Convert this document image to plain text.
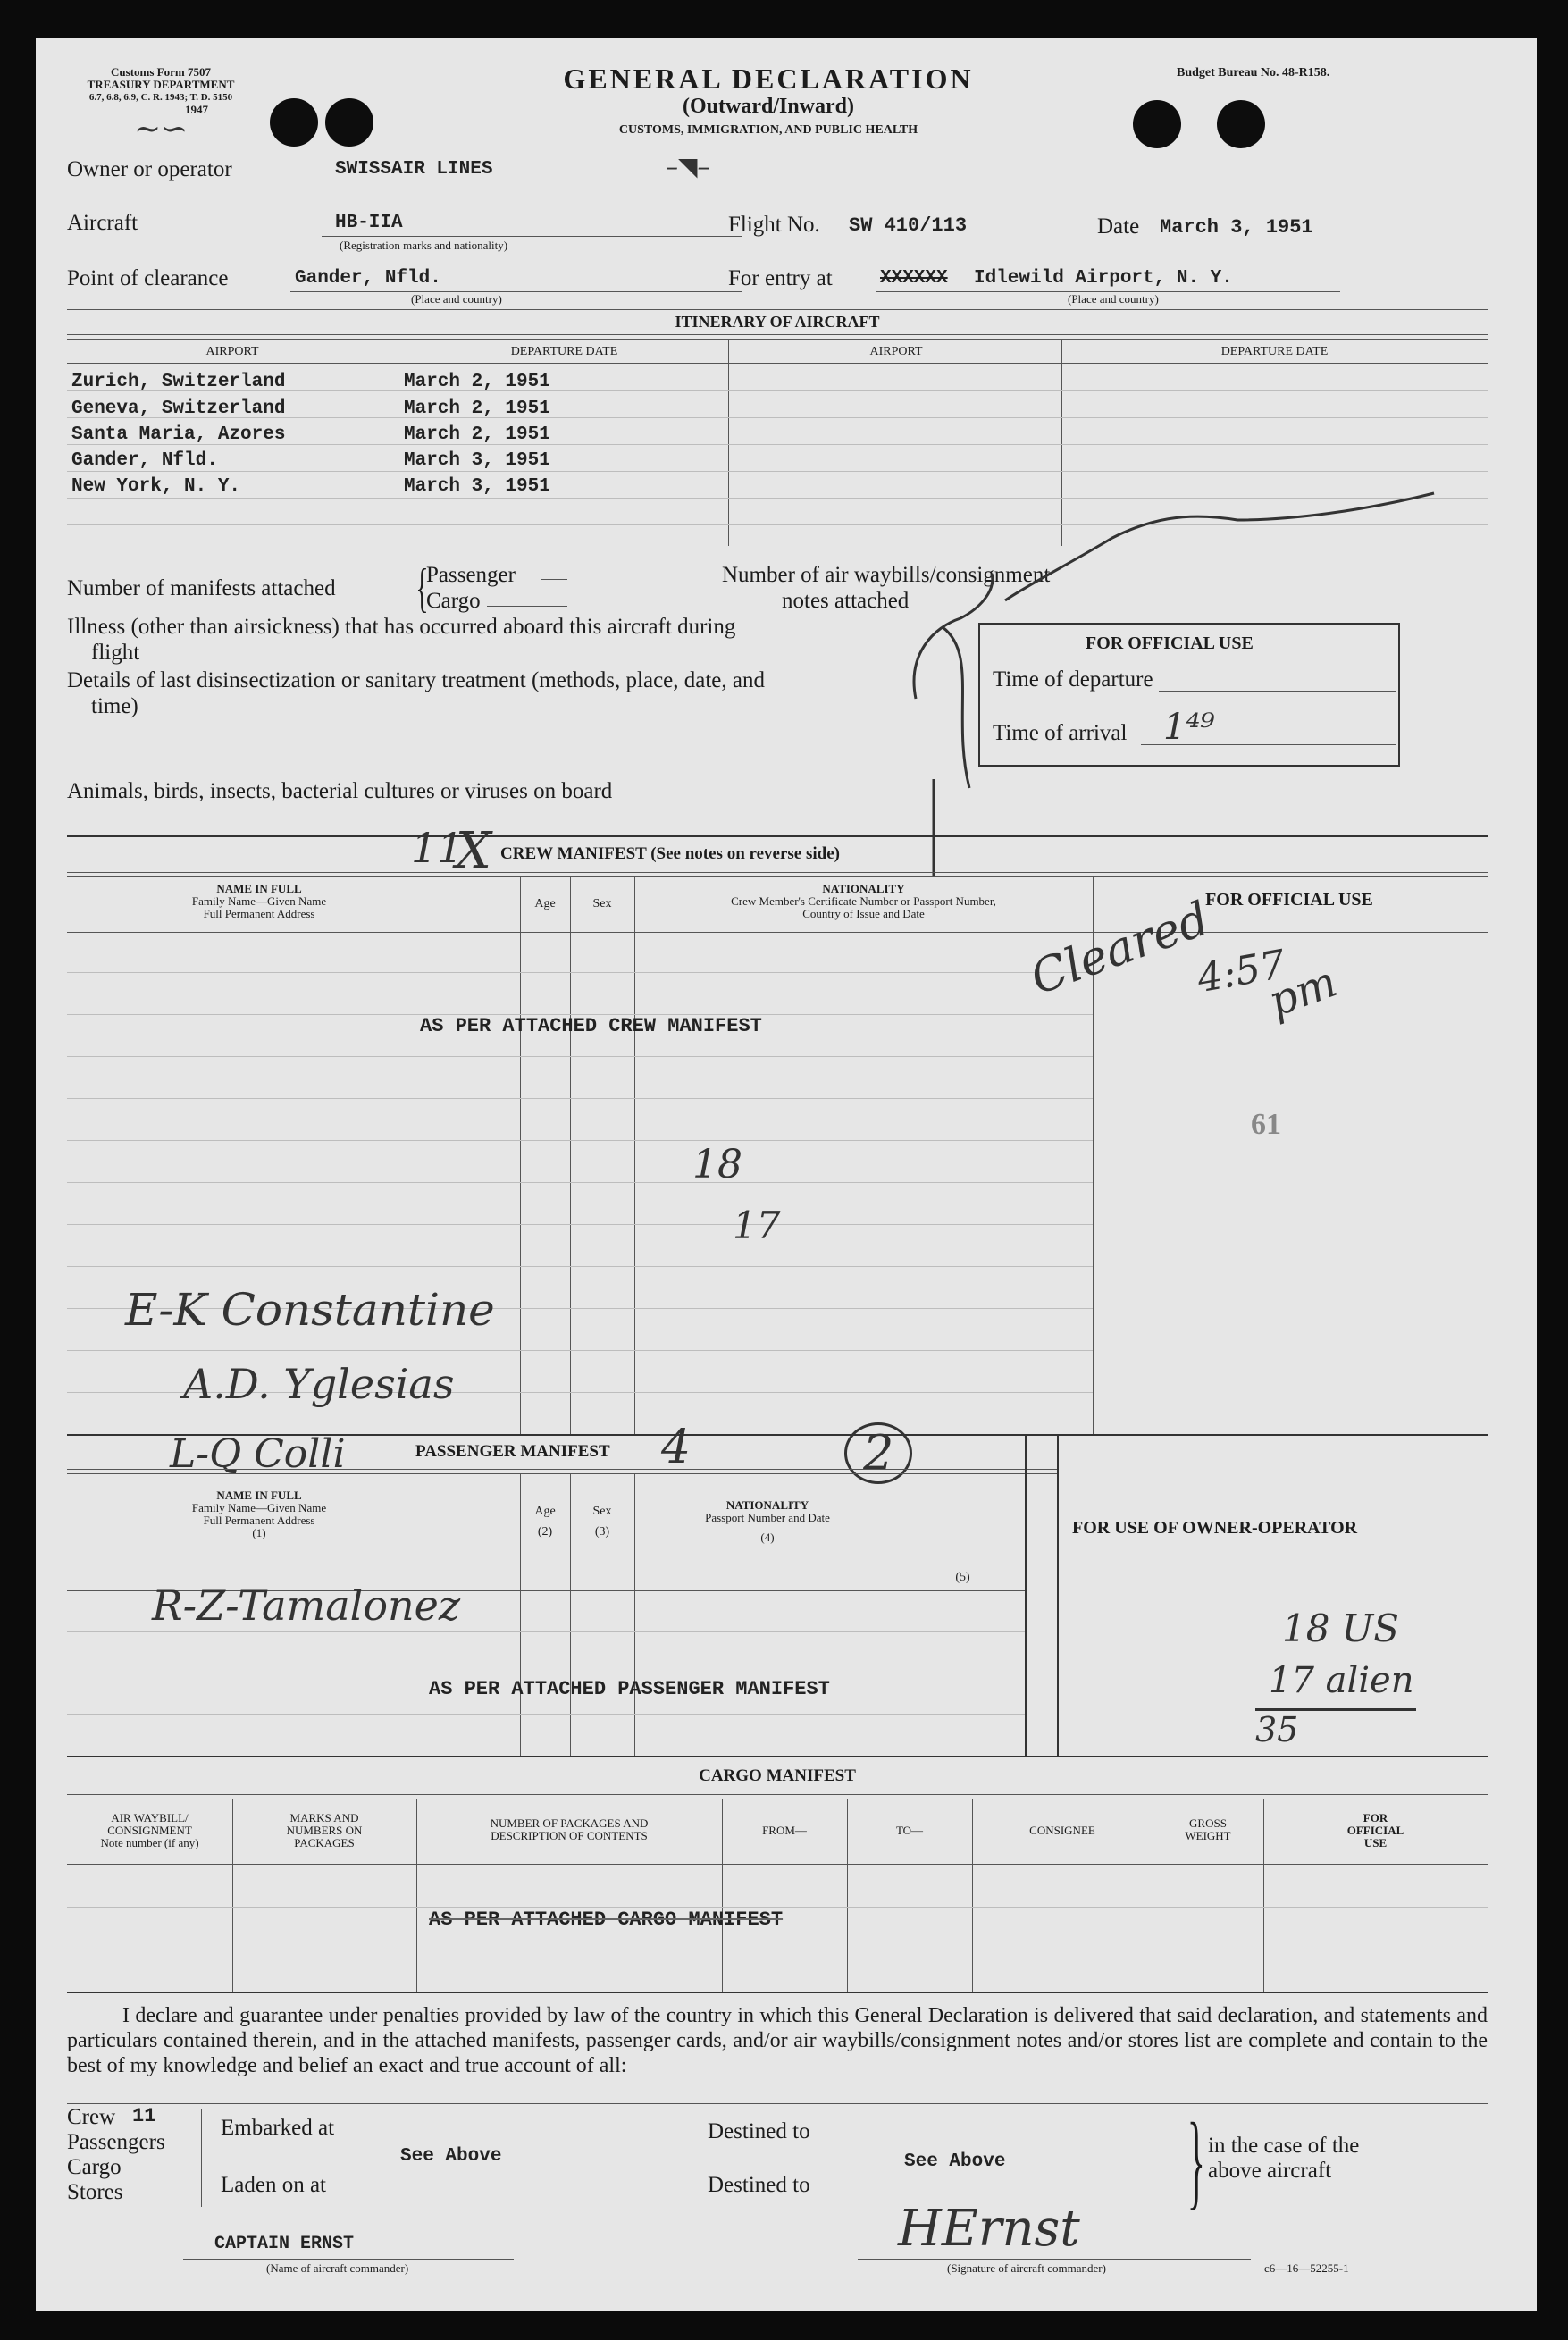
Customs Form 7507
TREASURY DEPARTMENT
6.7, 6.8, 6.9, C. R. 1943; T. D. 5150
1947
GENERAL DECLARATION
(Outward/Inward)
CUSTOMS, IMMIGRATION, AND PUBLIC HEALTH
Budget Bureau No. 48-R158.
∼∽
–◥–
Owner or operator	SWISSAIR LINES
Aircraft	HB-IIA
(Registration marks and nationality)
Flight No. SW 410/113	Date March 3, 1951
Point of clearance	Gander, Nfld.
(Place and country)
For entry at	XXXXXX Idlewild Airport, N. Y.
(Place and country)
ITINERARY OF AIRCRAFT
AIRPORT	DEPARTURE DATE	AIRPORT	DEPARTURE DATE
Zurich, Switzerland	March 2, 1951
Geneva, Switzerland	March 2, 1951
Santa Maria, Azores	March 2, 1951
Gander, Nfld.	March 3, 1951
New York, N. Y.	March 3, 1951
Number of manifests attached {
Passenger
Cargo
Number of air waybills/consignment
notes attached
Illness (other than airsickness) that has occurred aboard this aircraft during
flight
Details of last disinsectization or sanitary treatment (methods, place, date, and
time)
Animals, birds, insects, bacterial cultures or viruses on board
FOR OFFICIAL USE
Time of departure
Time of arrival 1⁴⁹
CREW MANIFEST (See notes on reverse side)
11
X
NAME IN FULL
Family Name—Given Name
Full Permanent Address
Age	Sex
NATIONALITY
Crew Member's Certificate Number or Passport Number,
Country of Issue and Date
FOR OFFICIAL USE
AS PER ATTACHED CREW MANIFEST
61
Cleared
4:57
pm
18
17
E-K Constantine
A.D. Yglesias
L-Q Colli	PASSENGER MANIFEST 4	2
NAME IN FULL
Family Name—Given Name
Full Permanent Address
(1)
Age
(2)
Sex
(3)
NATIONALITY
Passport Number and Date
(4)
(5)
FOR USE OF OWNER-OPERATOR
R-Z-Tamalonez
AS PER ATTACHED PASSENGER MANIFEST
18 US
17 alien
35
CARGO MANIFEST
AIR WAYBILL/
CONSIGNMENT
Note number (if any)
MARKS AND
NUMBERS ON
PACKAGES
NUMBER OF PACKAGES AND
DESCRIPTION OF CONTENTS	FROM—	TO—	CONSIGNEE
GROSS
WEIGHT
FOR
OFFICIAL
USE
AS PER ATTACHED CARGO MANIFEST
I declare and guarantee under penalties provided by law of the country in which this General Declaration is delivered that said declaration, and statements and particulars contained therein, and in the attached manifests, passenger cards, and/or air waybills/consignment notes and/or stores list are complete and contain to the best of my knowledge and belief an exact and true account of all:
Crew 11
Passengers
Cargo
Stores
Embarked at
Laden on at
See Above
Destined to
Destined to
See Above } in the case of the
above aircraft
CAPTAIN ERNST
(Name of aircraft commander)
HErnst
(Signature of aircraft commander)	c6—16—52255-1
